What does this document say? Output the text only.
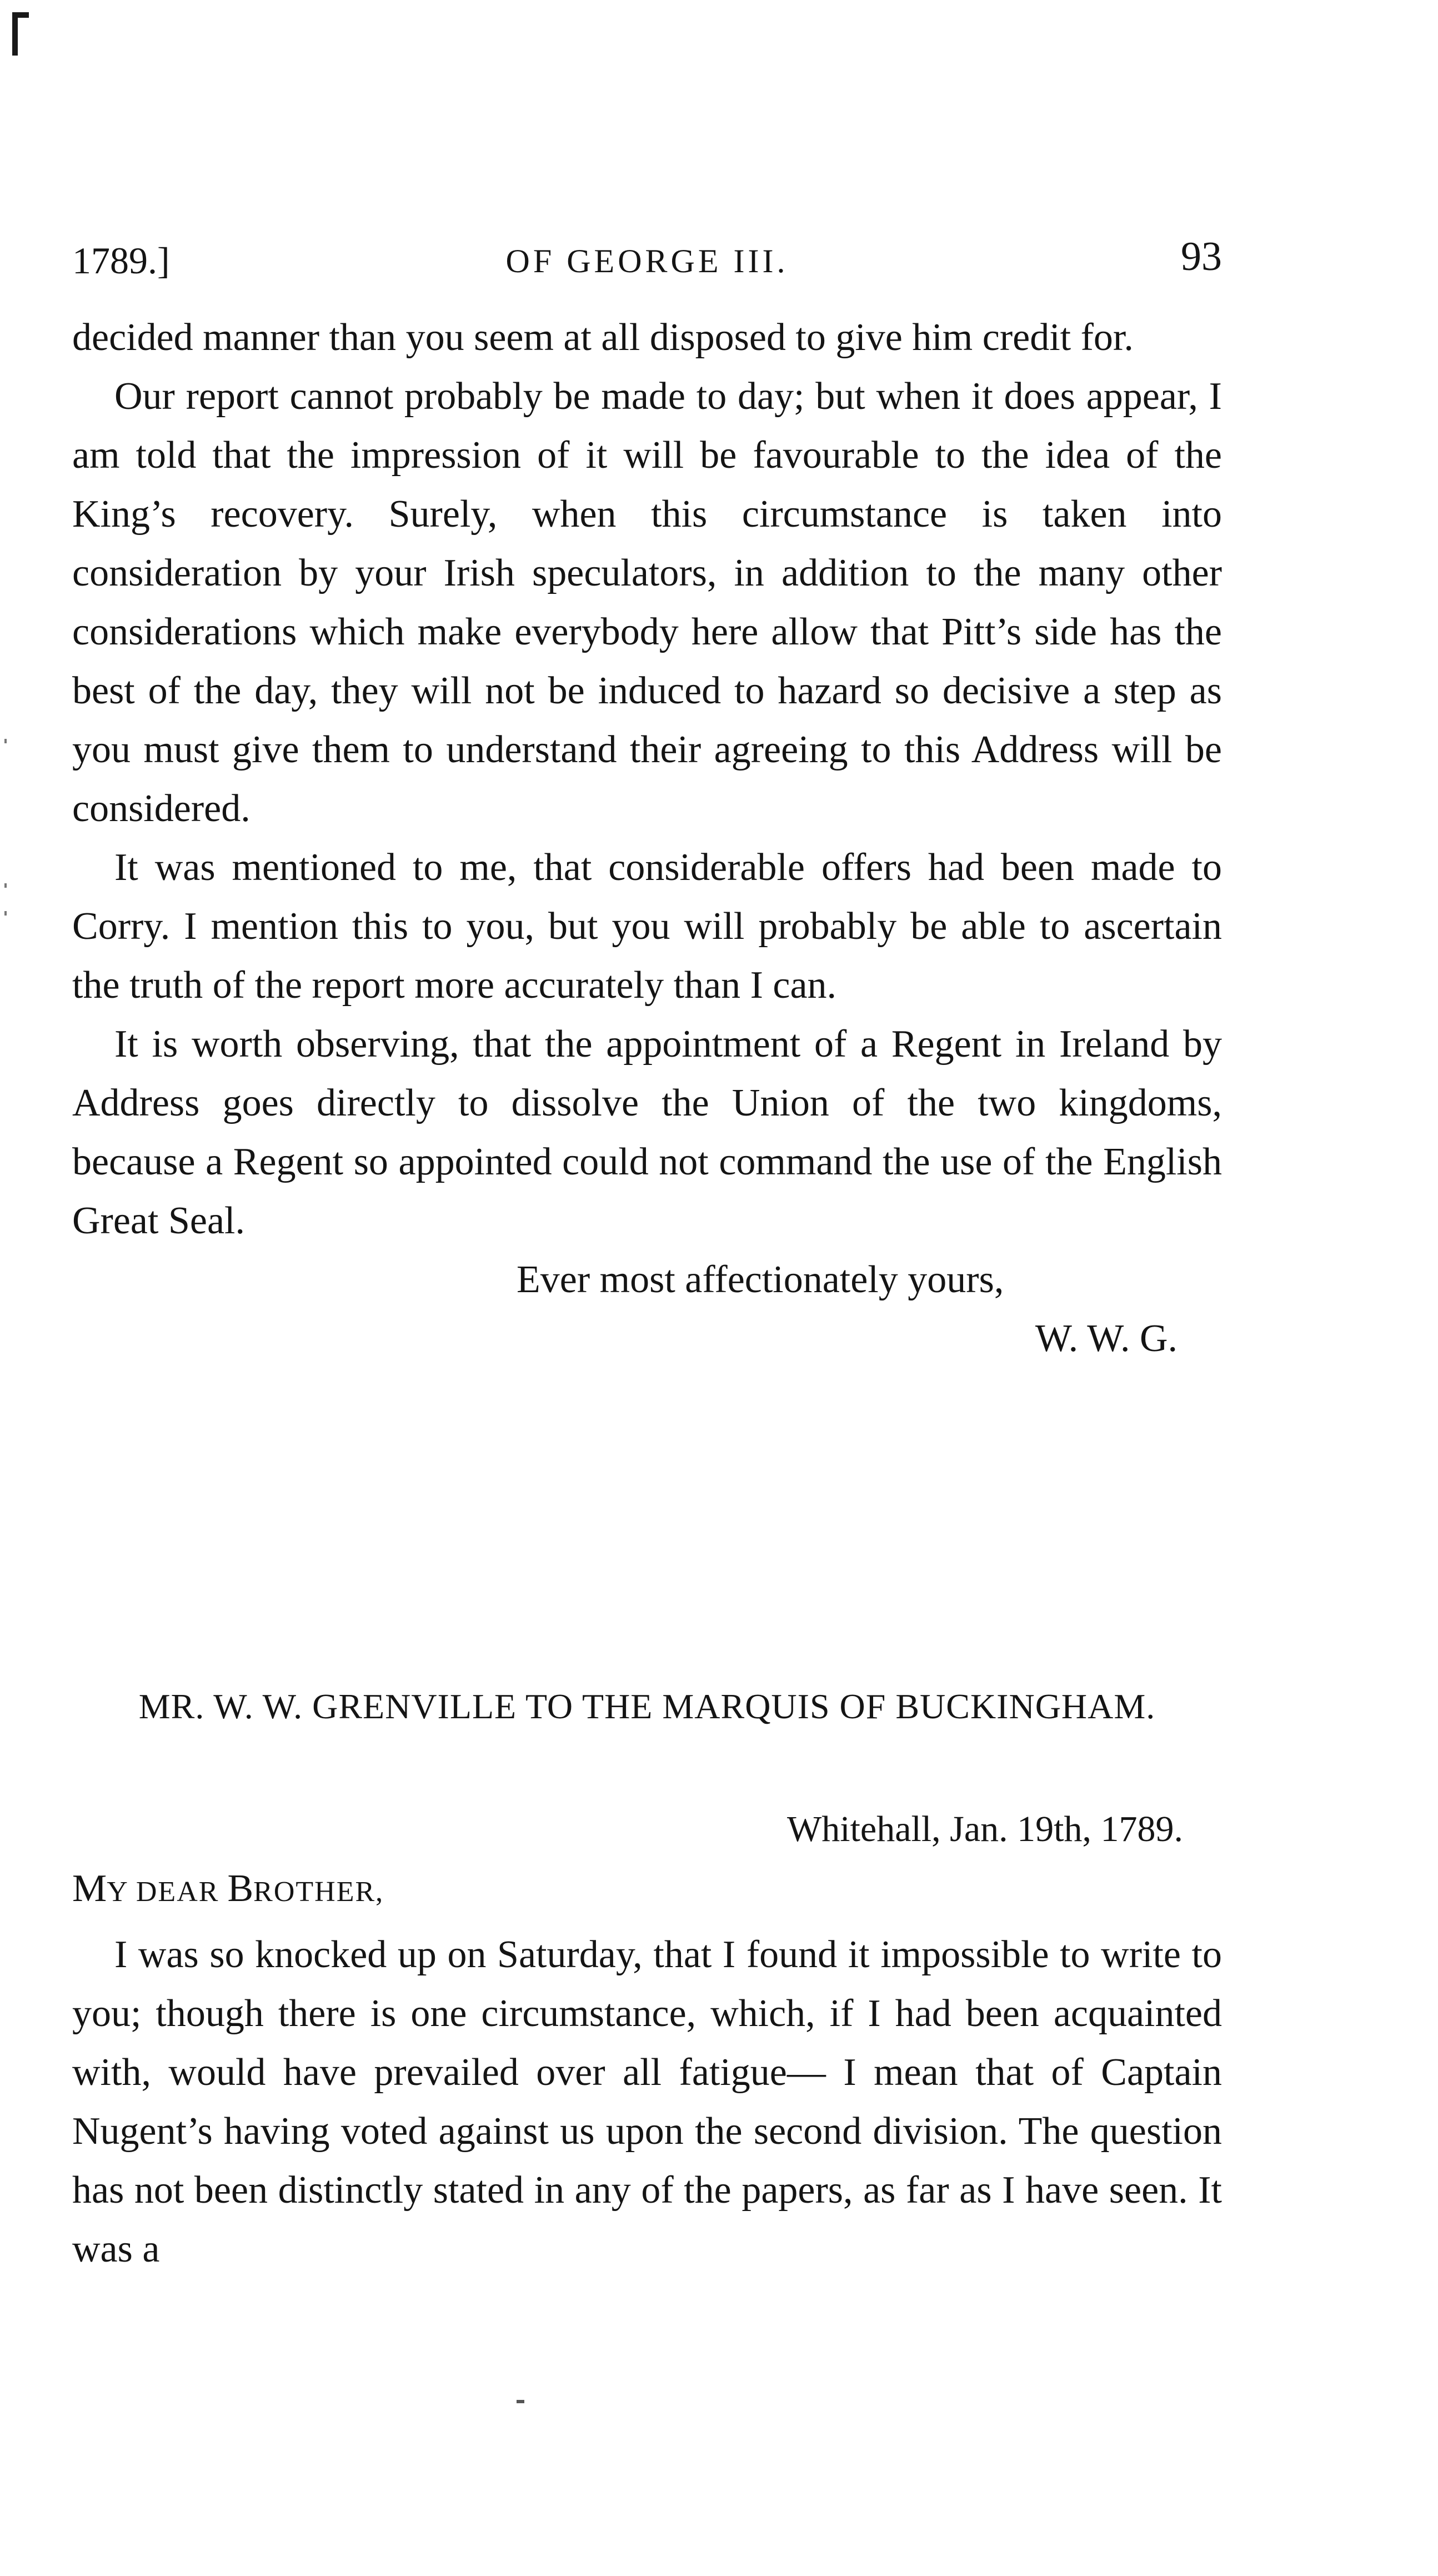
1789.]	OF GEORGE III.	93

decided manner than you seem at all disposed to give him credit for.

Our report cannot probably be made to day; but when it does appear, I am told that the impression of it will be favourable to the idea of the King’s recovery. Surely, when this circumstance is taken into consideration by your Irish speculators, in addition to the many other considerations which make everybody here allow that Pitt’s side has the best of the day, they will not be induced to hazard so decisive a step as you must give them to understand their agreeing to this Address will be considered.

It was mentioned to me, that considerable offers had been made to Corry. I mention this to you, but you will probably be able to ascertain the truth of the report more accurately than I can.

It is worth observing, that the appointment of a Regent in Ireland by Address goes directly to dissolve the Union of the two kingdoms, because a Regent so appointed could not command the use of the English Great Seal.

Ever most affectionately yours,

W. W. G.

MR. W. W. GRENVILLE TO THE MARQUIS OF BUCKINGHAM.
Whitehall, Jan. 19th, 1789.
MY DEAR BROTHER,

I was so knocked up on Saturday, that I found it impossible to write to you; though there is one circumstance, which, if I had been acquainted with, would have prevailed over all fatigue— I mean that of Captain Nugent’s having voted against us upon the second division. The question has not been distinctly stated in any of the papers, as far as I have seen. It was a
